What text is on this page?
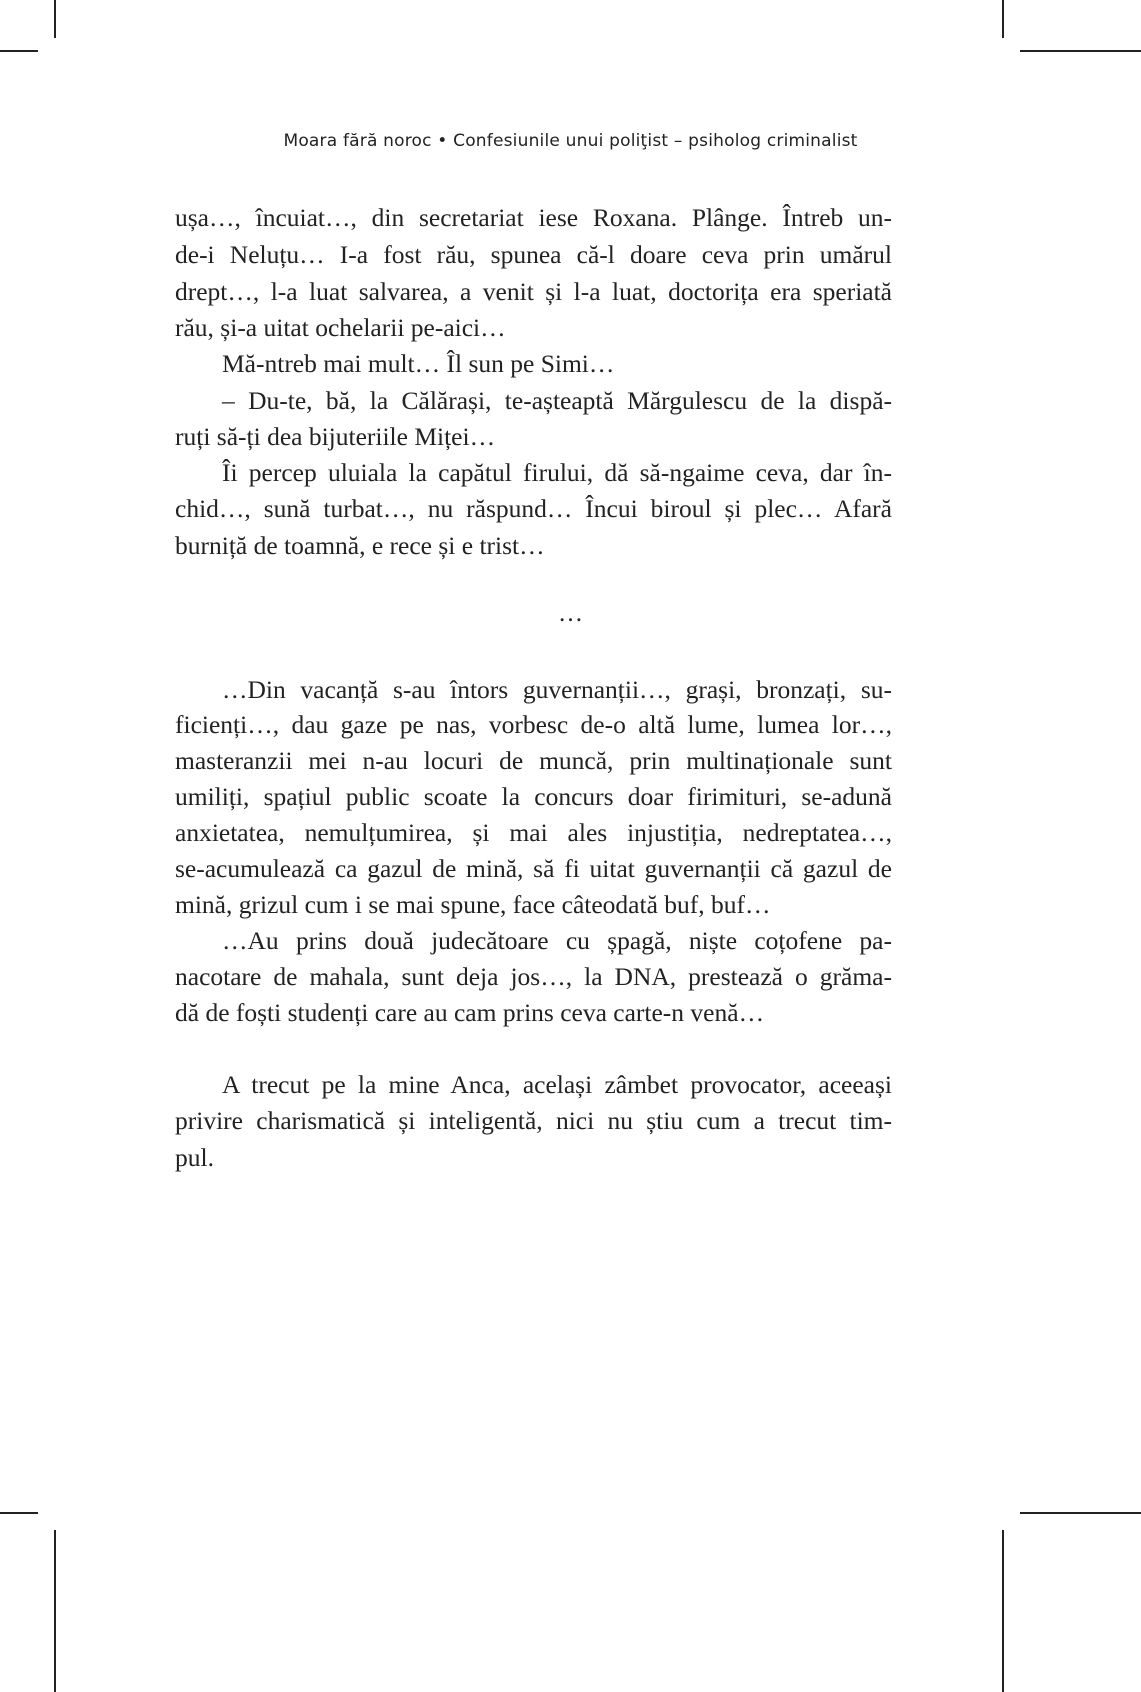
Moara fără noroc • Confesiunile unui poliţist – psiholog criminalist
ușa…, încuiat…, din secretariat iese Roxana. Plânge. Întreb un-
de-i Neluțu… I-a fost rău, spunea că-l doare ceva prin umărul
drept…, l-a luat salvarea, a venit și l-a luat, doctorița era speriată
rău, și-a uitat ochelarii pe-aici…
Mă-ntreb mai mult… Îl sun pe Simi…
– Du-te, bă, la Călărași, te-așteaptă Mărgulescu de la dispă-
ruți să-ți dea bijuteriile Miței…
Îi percep uluiala la capătul firului, dă să-ngaime ceva, dar în-
chid…, sună turbat…, nu răspund… Încui biroul și plec… Afară
burniță de toamnă, e rece și e trist…
…
…Din vacanță s-au întors guvernanții…, grași, bronzați, su-
ficienți…, dau gaze pe nas, vorbesc de-o altă lume, lumea lor…,
masteranzii mei n-au locuri de muncă, prin multinaționale sunt
umiliți, spațiul public scoate la concurs doar firimituri, se-adună
anxietatea, nemulțumirea, și mai ales injustiția, nedreptatea…,
se-acumulează ca gazul de mină, să fi uitat guvernanții că gazul de
mină, grizul cum i se mai spune, face câteodată buf, buf…
…Au prins două judecătoare cu șpagă, niște coțofene pa-
nacotare de mahala, sunt deja jos…, la DNA, prestează o grăma-
dă de foști studenți care au cam prins ceva carte-n venă…
A trecut pe la mine Anca, același zâmbet provocator, aceeași
privire charismatică și inteligentă, nici nu știu cum a trecut tim-
pul.
